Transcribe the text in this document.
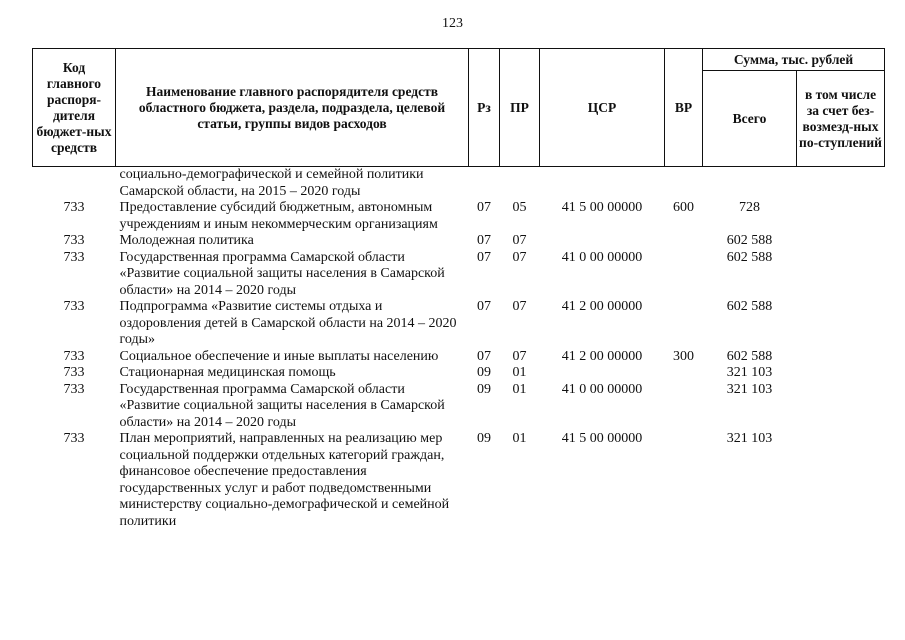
123
Код главного распоря-дителя бюджет-ных средств	Наименование главного распорядителя средств областного бюджета, раздела, подраздела, целевой статьи, группы видов расходов	Рз	ПР	ЦСР	ВР	Сумма, тыс. рублей	
						Всего	в том числе за счет без-возмезд-ных по-ступлений
	социально-демографической и семейной политики Самарской области, на 2015 – 2020 годы						
733	Предоставление субсидий бюджетным, автономным учреждениям и иным некоммерческим организациям	07	05	41 5 00 00000	600	728	
733	Молодежная политика	07	07			602 588	
733	Государственная программа Самарской области «Развитие социальной защиты населения в Самарской области» на 2014 – 2020 годы	07	07	41 0 00 00000		602 588	
733	Подпрограмма «Развитие системы отдыха и оздоровления детей в Самарской области на 2014 – 2020 годы»	07	07	41 2 00 00000		602 588	
733	Социальное обеспечение и иные выплаты населению	07	07	41 2 00 00000	300	602 588	
733	Стационарная медицинская помощь	09	01			321 103	
733	Государственная программа Самарской области «Развитие социальной защиты населения в Самарской области» на 2014 – 2020 годы	09	01	41 0 00 00000		321 103	
733	План мероприятий, направленных на реализацию мер социальной поддержки отдельных категорий граждан, финансовое обеспечение предоставления государственных услуг и работ подведомственными министерству социально-демографической и семейной политики	09	01	41 5 00 00000		321 103	
